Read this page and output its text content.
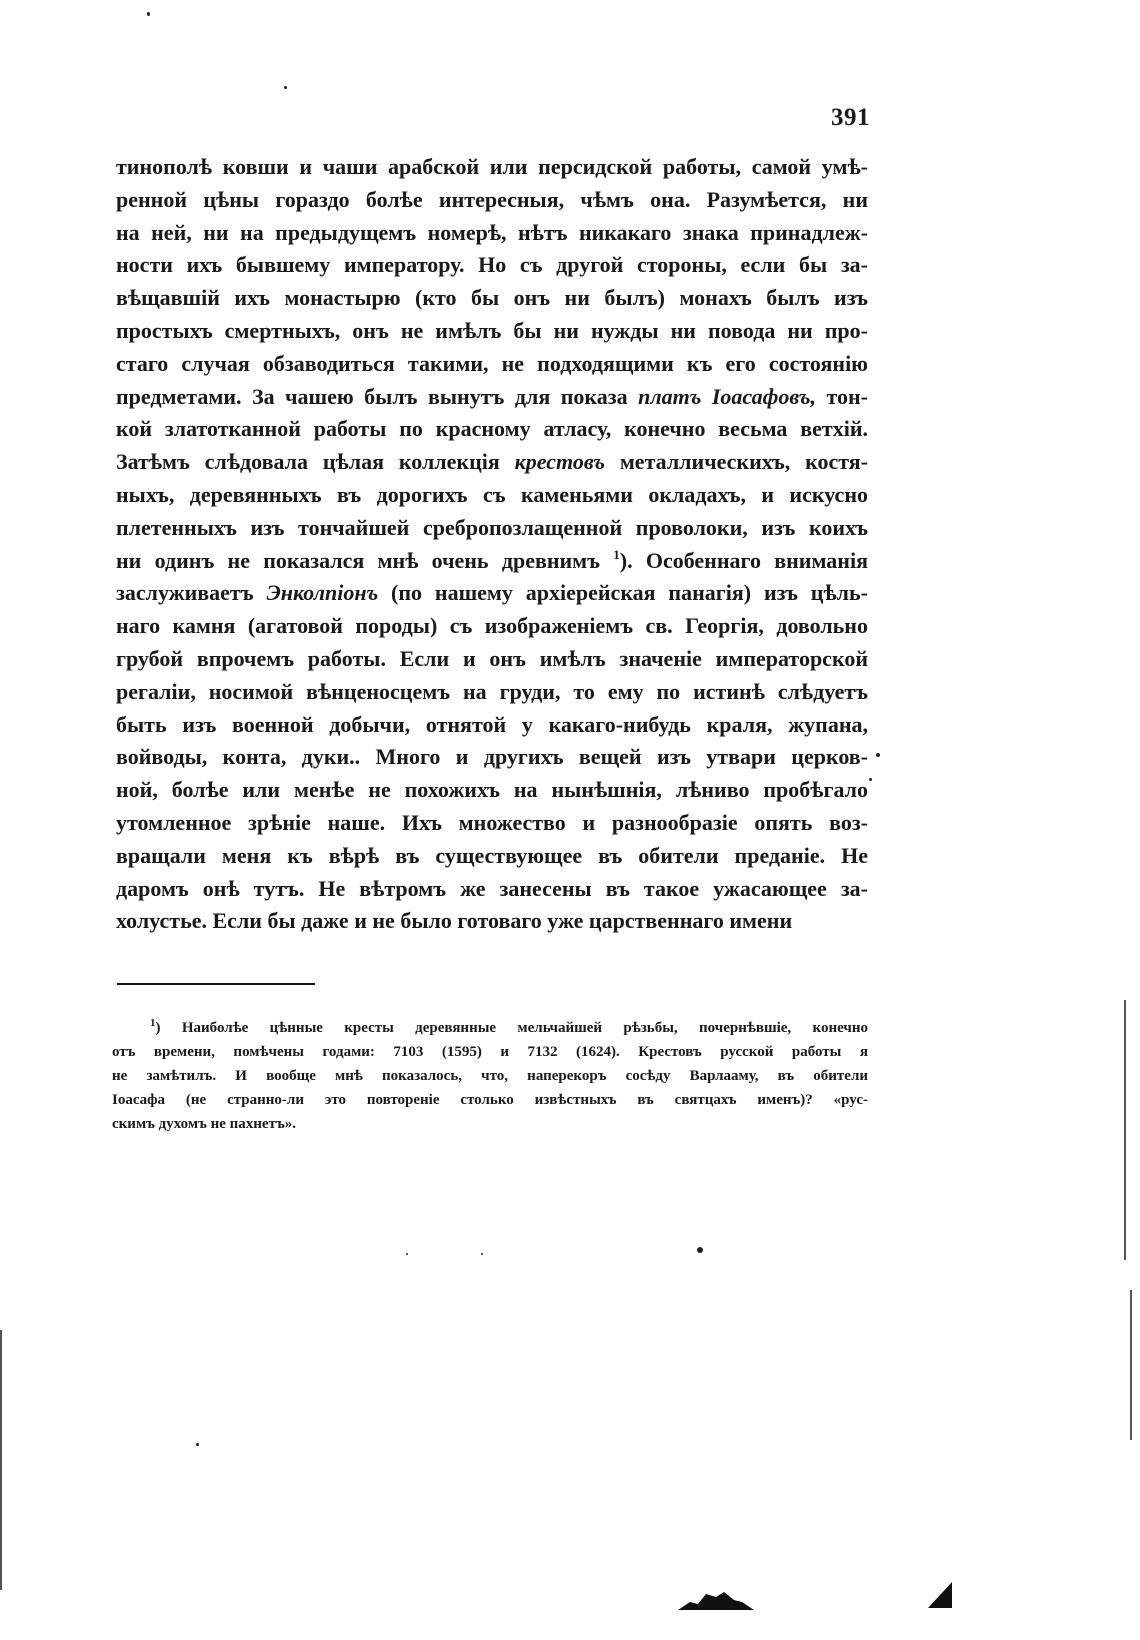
391
тинополѣ ковши и чаши арабской или персидской работы, самой умѣ-
ренной цѣны гораздо болѣе интересныя, чѣмъ она. Разумѣется, ни
на ней, ни на предыдущемъ номерѣ, нѣтъ никакаго знака принадлеж-
ности ихъ бывшему императору. Но съ другой стороны, если бы за-
вѣщавшій ихъ монастырю (кто бы онъ ни былъ) монахъ былъ изъ
простыхъ смертныхъ, онъ не имѣлъ бы ни нужды ни повода ни про-
стаго случая обзаводиться такими, не подходящими къ его состоянію
предметами. За чашею былъ вынутъ для показа платъ Іоасафовъ, тон-
кой златотканной работы по красному атласу, конечно весьма ветхій.
Затѣмъ слѣдовала цѣлая коллекція крестовъ металлическихъ, костя-
ныхъ, деревянныхъ въ дорогихъ съ каменьями окладахъ, и искусно
плетенныхъ изъ тончайшей сребропозлащенной проволоки, изъ коихъ
ни одинъ не показался мнѣ очень древнимъ $^1$). Особеннаго вниманія
заслуживаетъ Энколпіонъ (по нашему архіерейская панагія) изъ цѣль-
наго камня (агатовой породы) съ изображеніемъ св. Георгія, довольно
грубой впрочемъ работы. Если и онъ имѣлъ значеніе императорской
регаліи, носимой вѣнценосцемъ на груди, то ему по истинѣ слѣдуетъ
быть изъ военной добычи, отнятой у какаго-нибудь краля, жупана,
войводы, конта, дуки.. Много и другихъ вещей изъ утвари церков-
ной, болѣе или менѣе не похожихъ на нынѣшнія, лѣниво пробѣгало
утомленное зрѣніе наше. Ихъ множество и разнообразіе опять воз-
вращали меня къ вѣрѣ въ существующее въ обители преданіе. Не
даромъ онѣ тутъ. Не вѣтромъ же занесены въ такое ужасающее за-
холустье. Если бы даже и не было готоваго уже царственнаго имени
$^1$) Наиболѣе цѣнные кресты деревянные мельчайшей рѣзьбы, почернѣвшіе, конечно
отъ времени, помѣчены годами: 7103 (1595) и 7132 (1624). Крестовъ русской работы я
не замѣтилъ. И вообще мнѣ показалось, что, наперекоръ сосѣду Варлааму, въ обители
Іоасафа (не странно-ли это повтореніе столько извѣстныхъ въ святцахъ именъ)? «рус-
скимъ духомъ не пахнетъ».
